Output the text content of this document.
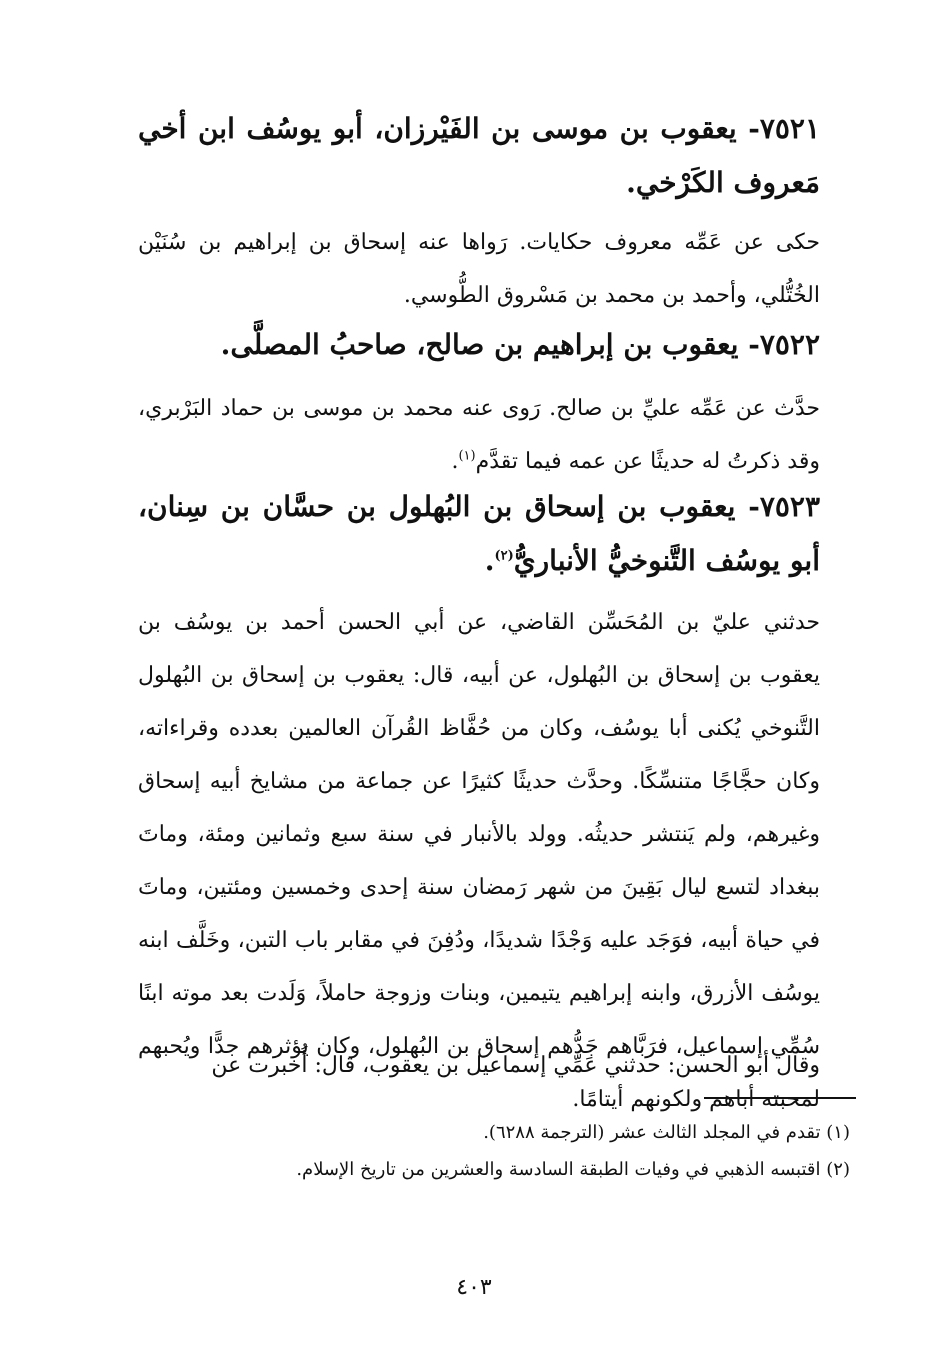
٧٥٢١- يعقوب بن موسى بن الفَيْرزان، أبو يوسُف ابن أخي مَعروف الكَرْخي.
حكى عن عَمِّه معروف حكايات. رَواها عنه إسحاق بن إبراهيم بن سُنَيْن الخُتُّلي، وأحمد بن محمد بن مَسْروق الطُّوسي.
٧٥٢٢- يعقوب بن إبراهيم بن صالح، صاحبُ المصلَّى.
حدَّث عن عَمِّه عليِّ بن صالح. رَوى عنه محمد بن موسى بن حماد البَرْبري، وقد ذكرتُ له حديثًا عن عمه فيما تقدَّم$^{(١)}$.
٧٥٢٣- يعقوب بن إسحاق بن البُهلول بن حسَّان بن سِنان، أبو يوسُف التَّنوخيُّ الأنباريُّ$^{(٢)}$.
حدثني عليّ بن المُحَسِّن القاضي، عن أبي الحسن أحمد بن يوسُف بن يعقوب بن إسحاق بن البُهلول، عن أبيه، قال: يعقوب بن إسحاق بن البُهلول التَّنوخي يُكنى أبا يوسُف، وكان من حُفَّاظ القُرآن العالمين بعدده وقراءاته، وكان حجَّاجًا متنسِّكًا. وحدَّث حديثًا كثيرًا عن جماعة من مشايخ أبيه إسحاق وغيرهم، ولم يَنتشر حديثُه. وولد بالأنبار في سنة سبع وثمانين ومئة، وماتَ ببغداد لتسع ليال بَقِينَ من شهر رَمضان سنة إحدى وخمسين ومئتين، وماتَ في حياة أبيه، فوَجَد عليه وَجْدًا شديدًا، ودُفِنَ في مقابر باب التبن، وخَلَّف ابنه يوسُف الأزرق، وابنه إبراهيم يتيمين، وبنات وزوجة حاملاً، وَلَدت بعد موته ابنًا سُمِّي إسماعيل، فرَبَّاهم جَدُّهم إسحاق بن البُهلول، وكان يؤثرهم جدًّا ويُحبهم لمحبته أباهم ولكونهم أيتامًا.
وقال أبو الحسن: حدثني عَمِّي إسماعيل بن يعقوب، قال: أُخبرت عن
(١) تقدم في المجلد الثالث عشر (الترجمة ٦٢٨٨).
(٢) اقتبسه الذهبي في وفيات الطبقة السادسة والعشرين من تاريخ الإسلام.
٤٠٣
